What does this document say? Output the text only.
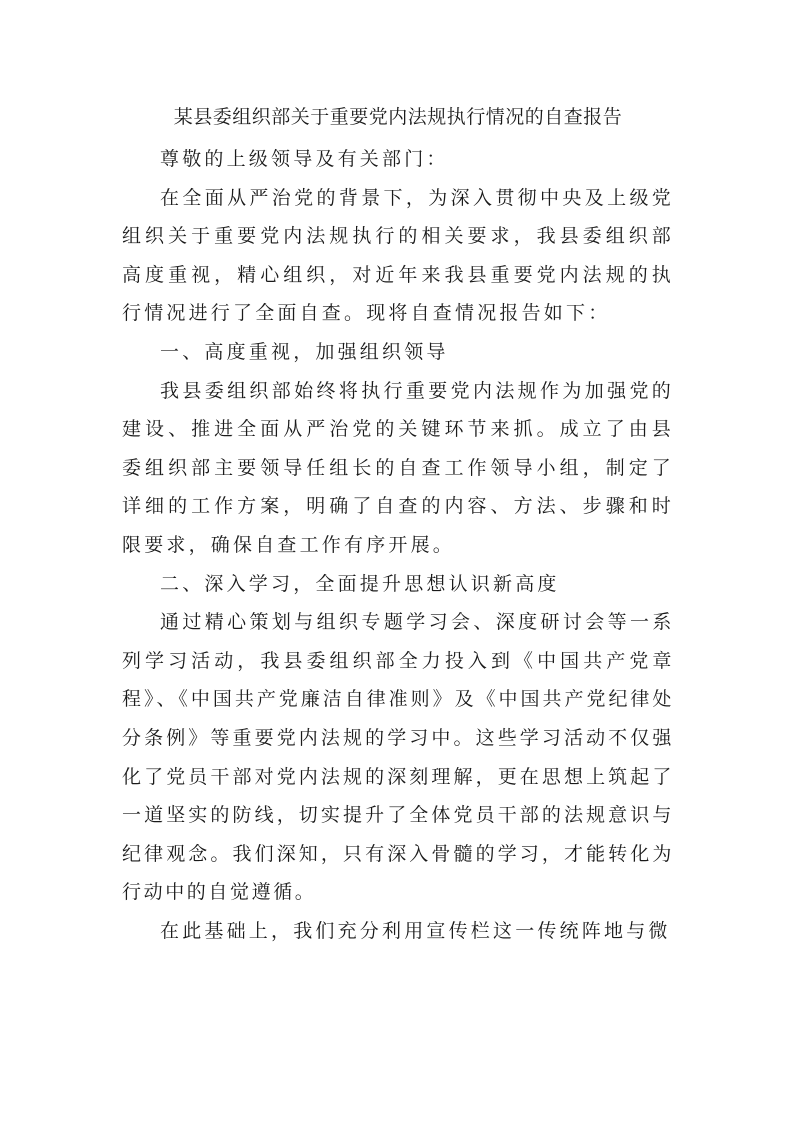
某县委组织部关于重要党内法规执行情况的自查报告

尊敬的上级领导及有关部门：

在全面从严治党的背景下，为深入贯彻中央及上级党组织关于重要党内法规执行的相关要求，我县委组织部高度重视，精心组织，对近年来我县重要党内法规的执行情况进行了全面自查。现将自查情况报告如下：

一、高度重视，加强组织领导

我县委组织部始终将执行重要党内法规作为加强党的建设、推进全面从严治党的关键环节来抓。成立了由县委组织部主要领导任组长的自查工作领导小组，制定了详细的工作方案，明确了自查的内容、方法、步骤和时限要求，确保自查工作有序开展。

二、深入学习，全面提升思想认识新高度

通过精心策划与组织专题学习会、深度研讨会等一系列学习活动，我县委组织部全力投入到《中国共产党章程》、《中国共产党廉洁自律准则》及《中国共产党纪律处分条例》等重要党内法规的学习中。这些学习活动不仅强化了党员干部对党内法规的深刻理解，更在思想上筑起了一道坚实的防线，切实提升了全体党员干部的法规意识与纪律观念。我们深知，只有深入骨髓的学习，才能转化为行动中的自觉遵循。

在此基础上，我们充分利用宣传栏这一传统阵地与微
